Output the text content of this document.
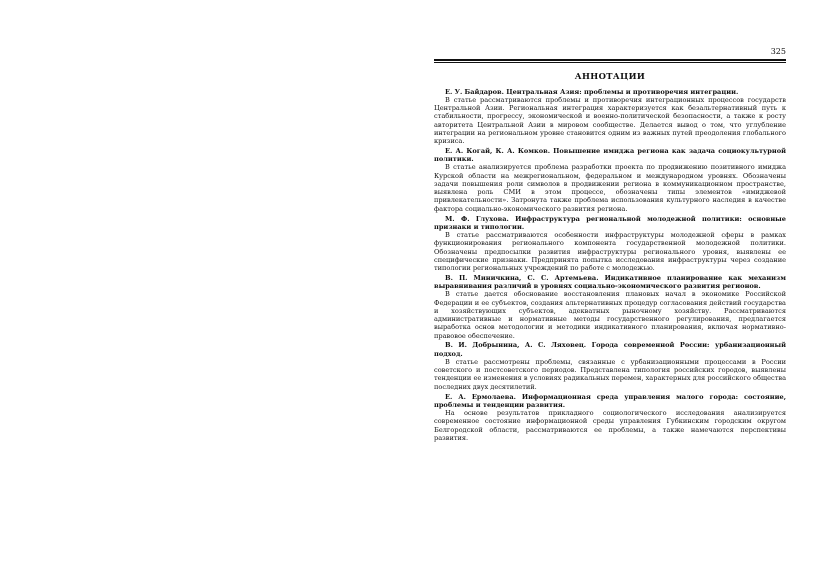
325
АННОТАЦИИ
Е. У. Байдаров. Центральная Азия: проблемы и противоречия интеграции.
В статье рассматриваются проблемы и противоречия интеграционных процессов государств Центральной Азии. Региональная интеграция характеризуется как безальтернативный путь к стабильности, прогрессу, экономической и военно-политической безопасности, а также к росту авторитета Центральной Азии в мировом сообществе. Делается вывод о том, что углубление интеграции на региональном уровне становится одним из важных путей преодоления глобального кризиса.
Е. А. Когай, К. А. Комков. Повышение имиджа региона как задача социокультурной политики.
В статье анализируется проблема разработки проекта по продвижению позитивного имиджа Курской области на межрегиональном, федеральном и международном уровнях. Обозначены задачи повышения роли символов в продвижении региона в коммуникационном пространстве, выявлена роль СМИ в этом процессе, обозначены типы элементов «имиджевой привлекательности». Затронута также проблема использования культурного наследия в качестве фактора социально-экономического развития региона.
М. Ф. Глухова. Инфраструктура региональной молодежной политики: основные признаки и типологии.
В статье рассматриваются особенности инфраструктуры молодежной сферы в рамках функционирования регионального компонента государственной молодежной политики. Обозначены предпосылки развития инфраструктуры регионального уровня, выявлены ее специфические признаки. Предпринята попытка исследования инфраструктуры через создание типологии региональных учреждений по работе с молодежью.
В. П. Миничкина, С. С. Артемьева. Индикативное планирование как механизм выравнивания различий в уровнях социально-экономического развития регионов.
В статье дается обоснование восстановления плановых начал в экономике Российской Федерации и ее субъектов, создания альтернативных процедур согласования действий государства и хозяйствующих субъектов, адекватных рыночному хозяйству. Рассматриваются административные и нормативные методы государственного регулирования, предлагается выработка основ методологии и методики индикативного планирования, включая нормативно-правовое обеспечение.
В. И. Добрынина, А. С. Ляховец. Города современной России: урбанизационный подход.
В статье рассмотрены проблемы, связанные с урбанизационными процессами в России советского и постсоветского периодов. Представлена типология российских городов, выявлены тенденции ее изменения в условиях радикальных перемен, характерных для российского общества последних двух десятилетий.
Е. А. Ермолаева. Информационная среда управления малого города: состояние, проблемы и тенденции развития.
На основе результатов прикладного социологического исследования анализируется современное состояние информационной среды управления Губкинским городским округом Белгородской области, рассматриваются ее проблемы, а также намечаются перспективы развития.
